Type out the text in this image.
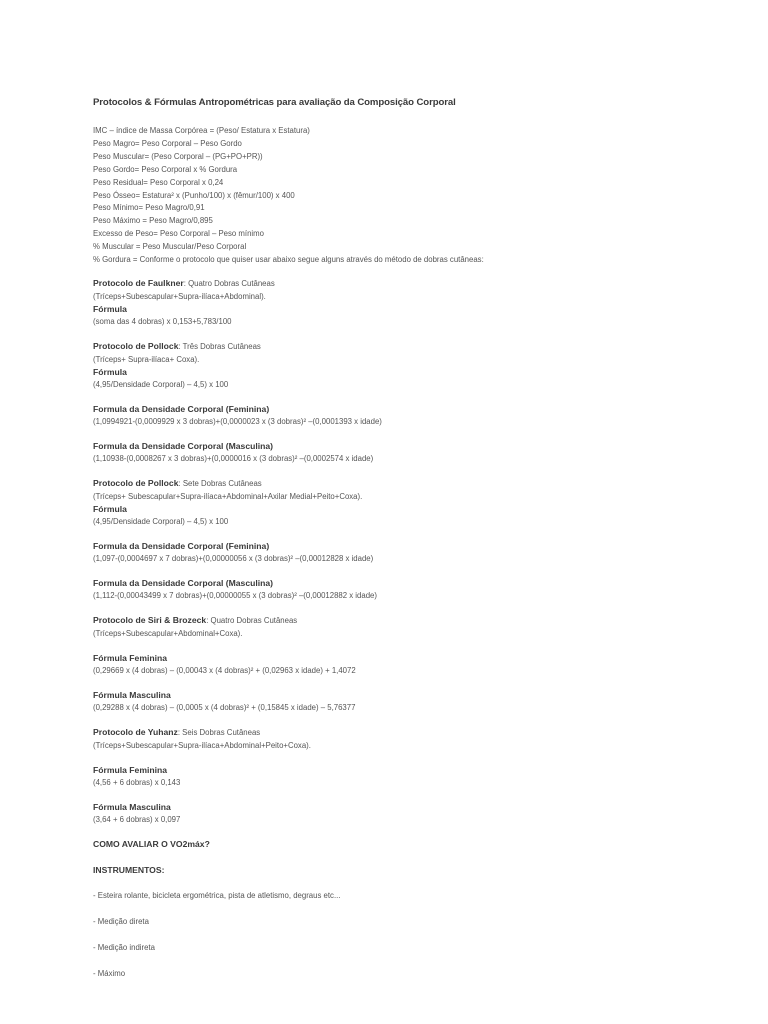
Protocolos & Fórmulas Antropométricas para avaliação da Composição Corporal
IMC – índice de Massa Corpórea = (Peso/ Estatura x Estatura)
Peso Magro= Peso Corporal – Peso Gordo
Peso Muscular= (Peso Corporal – (PG+PO+PR))
Peso Gordo= Peso Corporal x % Gordura
Peso Residual= Peso Corporal x 0,24
Peso Ósseo= Estatura² x (Punho/100) x (fêmur/100) x 400
Peso Mínimo= Peso Magro/0,91
Peso Máximo = Peso Magro/0,895
Excesso de Peso= Peso Corporal – Peso mínimo
% Muscular = Peso Muscular/Peso Corporal
% Gordura = Conforme o protocolo que quiser usar abaixo segue alguns através do método de dobras cutâneas:
Protocolo de Faulkner: Quatro Dobras Cutâneas
(Tríceps+Subescapular+Supra-ilíaca+Abdominal).
Fórmula
(soma das 4 dobras) x 0,153+5,783/100
Protocolo de Pollock: Três Dobras Cutâneas
(Tríceps+ Supra-ilíaca+ Coxa).
Fórmula
(4,95/Densidade Corporal) – 4,5) x 100
Formula da Densidade Corporal (Feminina)
(1,0994921-(0,0009929 x 3 dobras)+(0,0000023 x (3 dobras)² –(0,0001393 x idade)
Formula da Densidade Corporal (Masculina)
(1,10938-(0,0008267 x 3 dobras)+(0,0000016 x (3 dobras)² –(0,0002574 x idade)
Protocolo de Pollock: Sete Dobras Cutâneas
(Tríceps+ Subescapular+Supra-ilíaca+Abdominal+Axilar Medial+Peito+Coxa).
Fórmula
(4,95/Densidade Corporal) – 4,5) x 100
Formula da Densidade Corporal (Feminina)
(1,097-(0,0004697 x 7 dobras)+(0,00000056 x (3 dobras)² –(0,00012828 x idade)
Formula da Densidade Corporal (Masculina)
(1,112-(0,00043499 x 7 dobras)+(0,00000055 x (3 dobras)² –(0,00012882 x idade)
Protocolo de Siri & Brozeck: Quatro Dobras Cutâneas
(Tríceps+Subescapular+Abdominal+Coxa).
Fórmula Feminina
(0,29669 x (4 dobras) – (0,00043 x (4 dobras)² + (0,02963 x idade) + 1,4072
Fórmula Masculina
(0,29288 x (4 dobras) – (0,0005 x (4 dobras)² + (0,15845 x idade) – 5,76377
Protocolo de Yuhanz: Seis Dobras Cutâneas
(Tríceps+Subescapular+Supra-ilíaca+Abdominal+Peito+Coxa).
Fórmula Feminina
(4,56 + 6 dobras) x 0,143
Fórmula Masculina
(3,64 + 6 dobras) x 0,097
COMO AVALIAR O VO2máx?
INSTRUMENTOS:
- Esteira rolante, bicicleta ergométrica, pista de atletismo, degraus etc...
- Medição direta
- Medição indireta
- Máximo
